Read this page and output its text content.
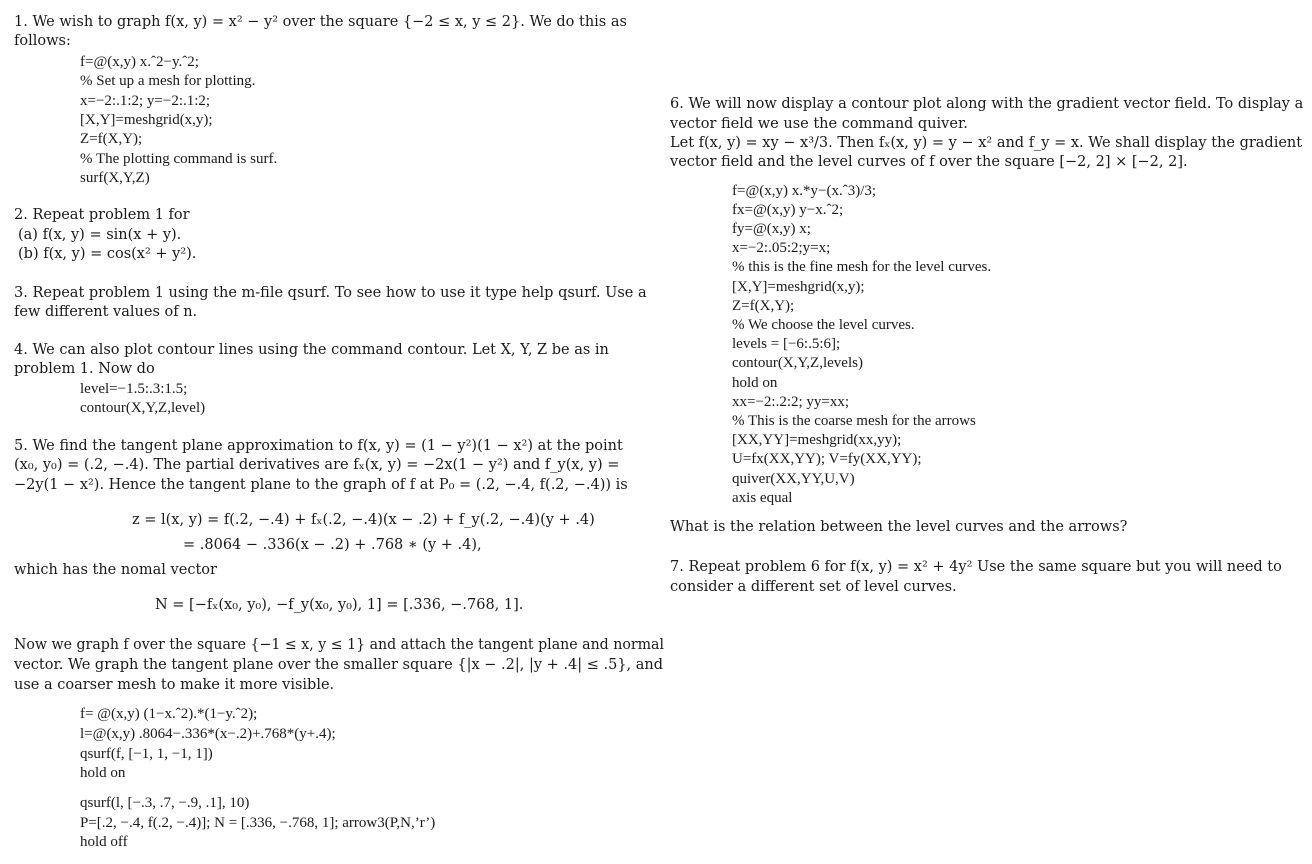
1. We wish to graph f(x, y) = x² − y² over the square {−2 ≤ x, y ≤ 2}. We do this as
follows:
f=@(x,y) x.ˆ2−y.ˆ2;
% Set up a mesh for plotting.
x=−2:.1:2; y=−2:.1:2;
[X,Y]=meshgrid(x,y);
Z=f(X,Y);
% The plotting command is surf.
surf(X,Y,Z)
2. Repeat problem 1 for
(a) f(x, y) = sin(x + y).
(b) f(x, y) = cos(x² + y²).
3. Repeat problem 1 using the m-file qsurf. To see how to use it type help qsurf. Use a
few different values of n.
4. We can also plot contour lines using the command contour. Let X, Y, Z be as in
problem 1. Now do
level=−1.5:.3:1.5;
contour(X,Y,Z,level)
5. We find the tangent plane approximation to f(x, y) = (1 − y²)(1 − x²) at the point
(x₀, y₀) = (.2, −.4). The partial derivatives are fₓ(x, y) = −2x(1 − y²) and f_y(x, y) =
−2y(1 − x²). Hence the tangent plane to the graph of f at P₀ = (.2, −.4, f(.2, −.4)) is
z = l(x, y) = f(.2, −.4) + fₓ(.2, −.4)(x − .2) + f_y(.2, −.4)(y + .4)
= .8064 − .336(x − .2) + .768 ∗ (y + .4),
which has the nomal vector
N = [−fₓ(x₀, y₀), −f_y(x₀, y₀), 1] = [.336, −.768, 1].
Now we graph f over the square {−1 ≤ x, y ≤ 1} and attach the tangent plane and normal
vector. We graph the tangent plane over the smaller square {|x − .2|, |y + .4| ≤ .5}, and
use a coarser mesh to make it more visible.
f= @(x,y) (1−x.ˆ2).*(1−y.ˆ2);
l=@(x,y) .8064−.336*(x−.2)+.768*(y+.4);
qsurf(f, [−1, 1, −1, 1])
hold on
qsurf(l, [−.3, .7, −.9, .1], 10)
P=[.2, −.4, f(.2, −.4)]; N = [.336, −.768, 1]; arrow3(P,N,’r’)
hold off
6. We will now display a contour plot along with the gradient vector field. To display a
vector field we use the command quiver.
Let f(x, y) = xy − x³/3. Then fₓ(x, y) = y − x² and f_y = x. We shall display the gradient
vector field and the level curves of f over the square [−2, 2] × [−2, 2].
f=@(x,y) x.*y−(x.ˆ3)/3;
fx=@(x,y) y−x.ˆ2;
fy=@(x,y) x;
x=−2:.05:2;y=x;
% this is the fine mesh for the level curves.
[X,Y]=meshgrid(x,y);
Z=f(X,Y);
% We choose the level curves.
levels = [−6:.5:6];
contour(X,Y,Z,levels)
hold on
xx=−2:.2:2; yy=xx;
% This is the coarse mesh for the arrows
[XX,YY]=meshgrid(xx,yy);
U=fx(XX,YY); V=fy(XX,YY);
quiver(XX,YY,U,V)
axis equal
What is the relation between the level curves and the arrows?
7. Repeat problem 6 for f(x, y) = x² + 4y² Use the same square but you will need to
consider a different set of level curves.
